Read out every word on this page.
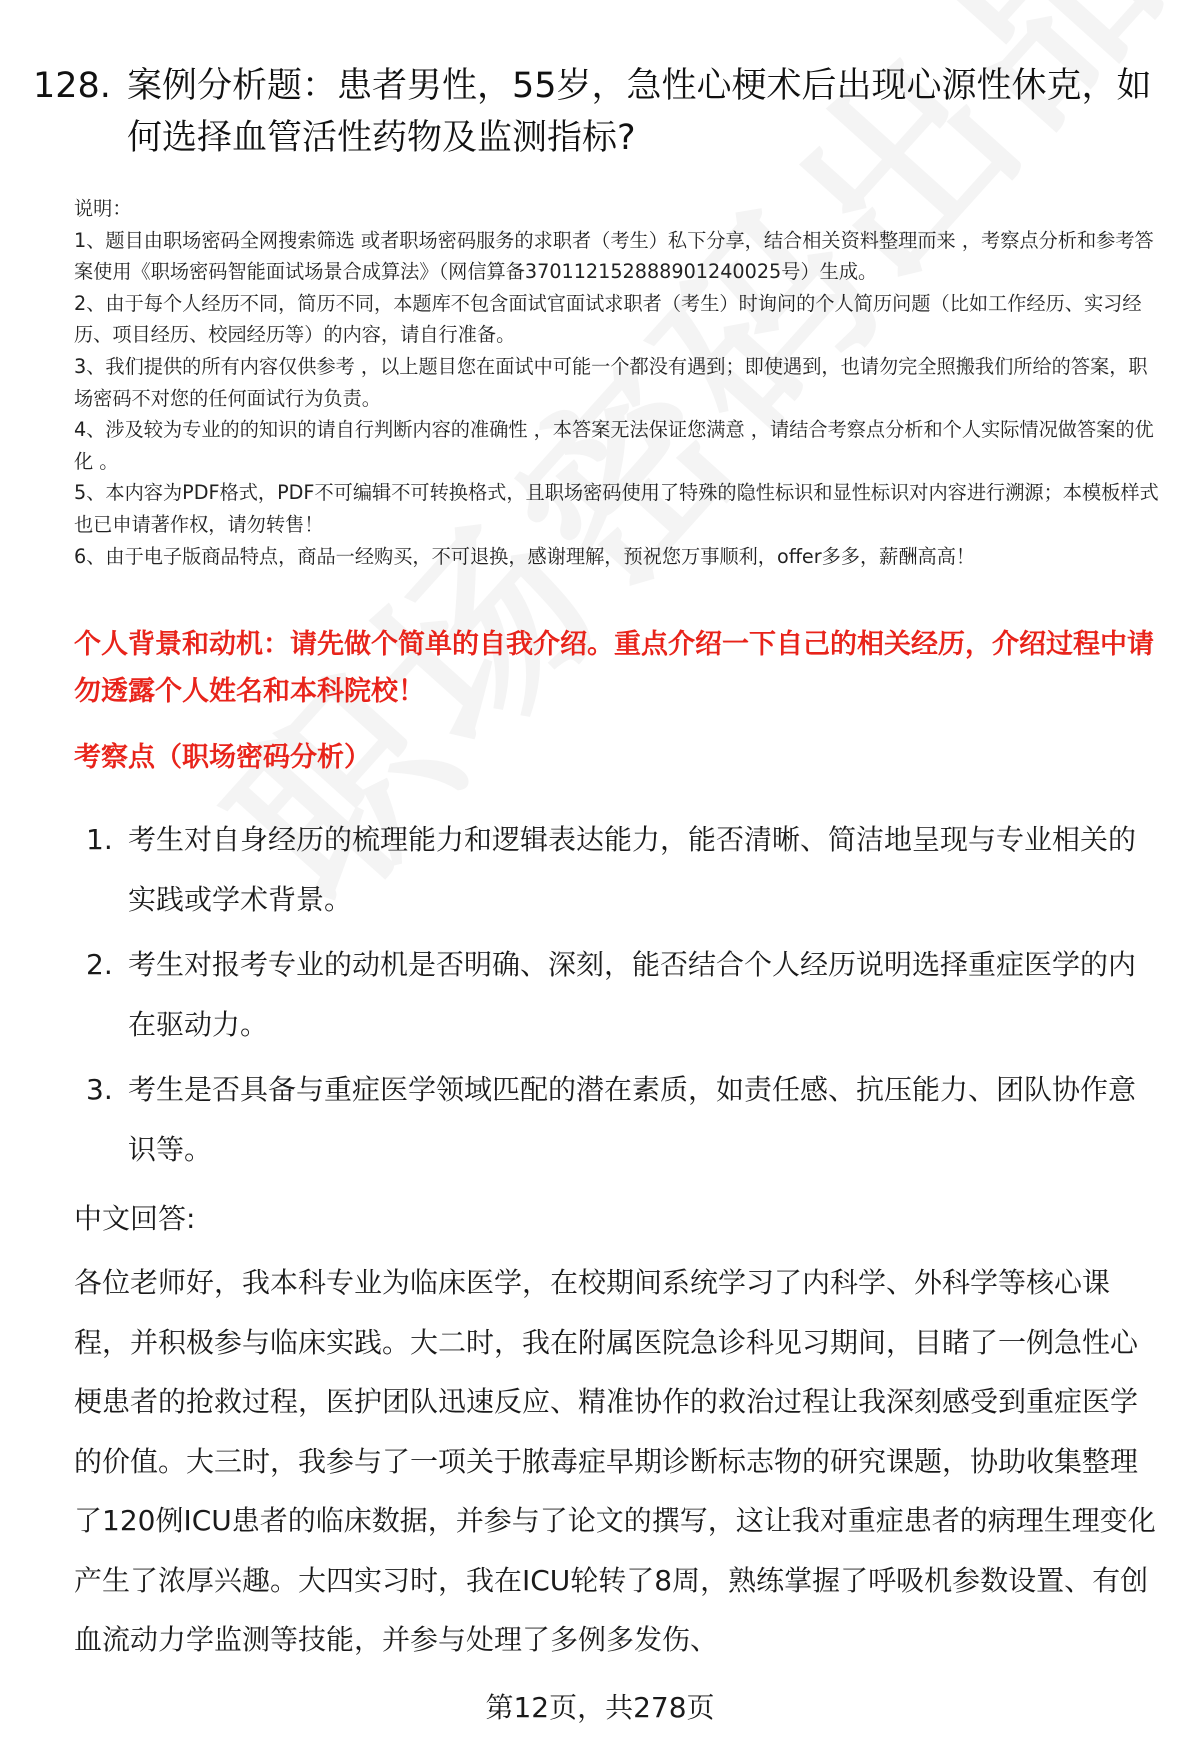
128. 案例分析题：患者男性，55岁，急性心梗术后出现心源性休克，如何选择血管活性药物及监测指标?

说明：

1、题目由职场密码全网搜索筛选 或者职场密码服务的求职者（考生）私下分享，结合相关资料整理而来 ，考察点分析和参考答案使用《职场密码智能面试场景合成算法》（网信算备370112152888901240025号）生成。

2、由于每个人经历不同，简历不同，本题库不包含面试官面试求职者（考生）时询问的个人简历问题（比如工作经历、实习经历、项目经历、校园经历等）的内容，请自行准备。

3、我们提供的所有内容仅供参考 ，以上题目您在面试中可能一个都没有遇到；即使遇到，也请勿完全照搬我们所给的答案，职场密码不对您的任何面试行为负责。

4、涉及较为专业的的知识的请自行判断内容的准确性 ，本答案无法保证您满意 ，请结合考察点分析和个人实际情况做答案的优化 。

5、本内容为PDF格式，PDF不可编辑不可转换格式，且职场密码使用了特殊的隐性标识和显性标识对内容进行溯源；本模板样式也已申请著作权，请勿转售！

6、由于电子版商品特点，商品一经购买，不可退换，感谢理解，预祝您万事顺利，offer多多，薪酬高高！

个人背景和动机：请先做个简单的自我介绍。重点介绍一下自己的相关经历，介绍过程中请勿透露个人姓名和本科院校！
考察点（职场密码分析）
1. 考生对自身经历的梳理能力和逻辑表达能力，能否清晰、简洁地呈现与专业相关的实践或学术背景。
2. 考生对报考专业的动机是否明确、深刻，能否结合个人经历说明选择重症医学的内在驱动力。
3. 考生是否具备与重症医学领域匹配的潜在素质，如责任感、抗压能力、团队协作意识等。
中文回答:

各位老师好，我本科专业为临床医学，在校期间系统学习了内科学、外科学等核心课程，并积极参与临床实践。大二时，我在附属医院急诊科见习期间，目睹了一例急性心梗患者的抢救过程，医护团队迅速反应、精准协作的救治过程让我深刻感受到重症医学的价值。大三时，我参与了一项关于脓毒症早期诊断标志物的研究课题，协助收集整理了120例ICU患者的临床数据，并参与了论文的撰写，这让我对重症患者的病理生理变化产生了浓厚兴趣。大四实习时，我在ICU轮转了8周，熟练掌握了呼吸机参数设置、有创血流动力学监测等技能，并参与处理了多例多发伤、

第12页，共278页
